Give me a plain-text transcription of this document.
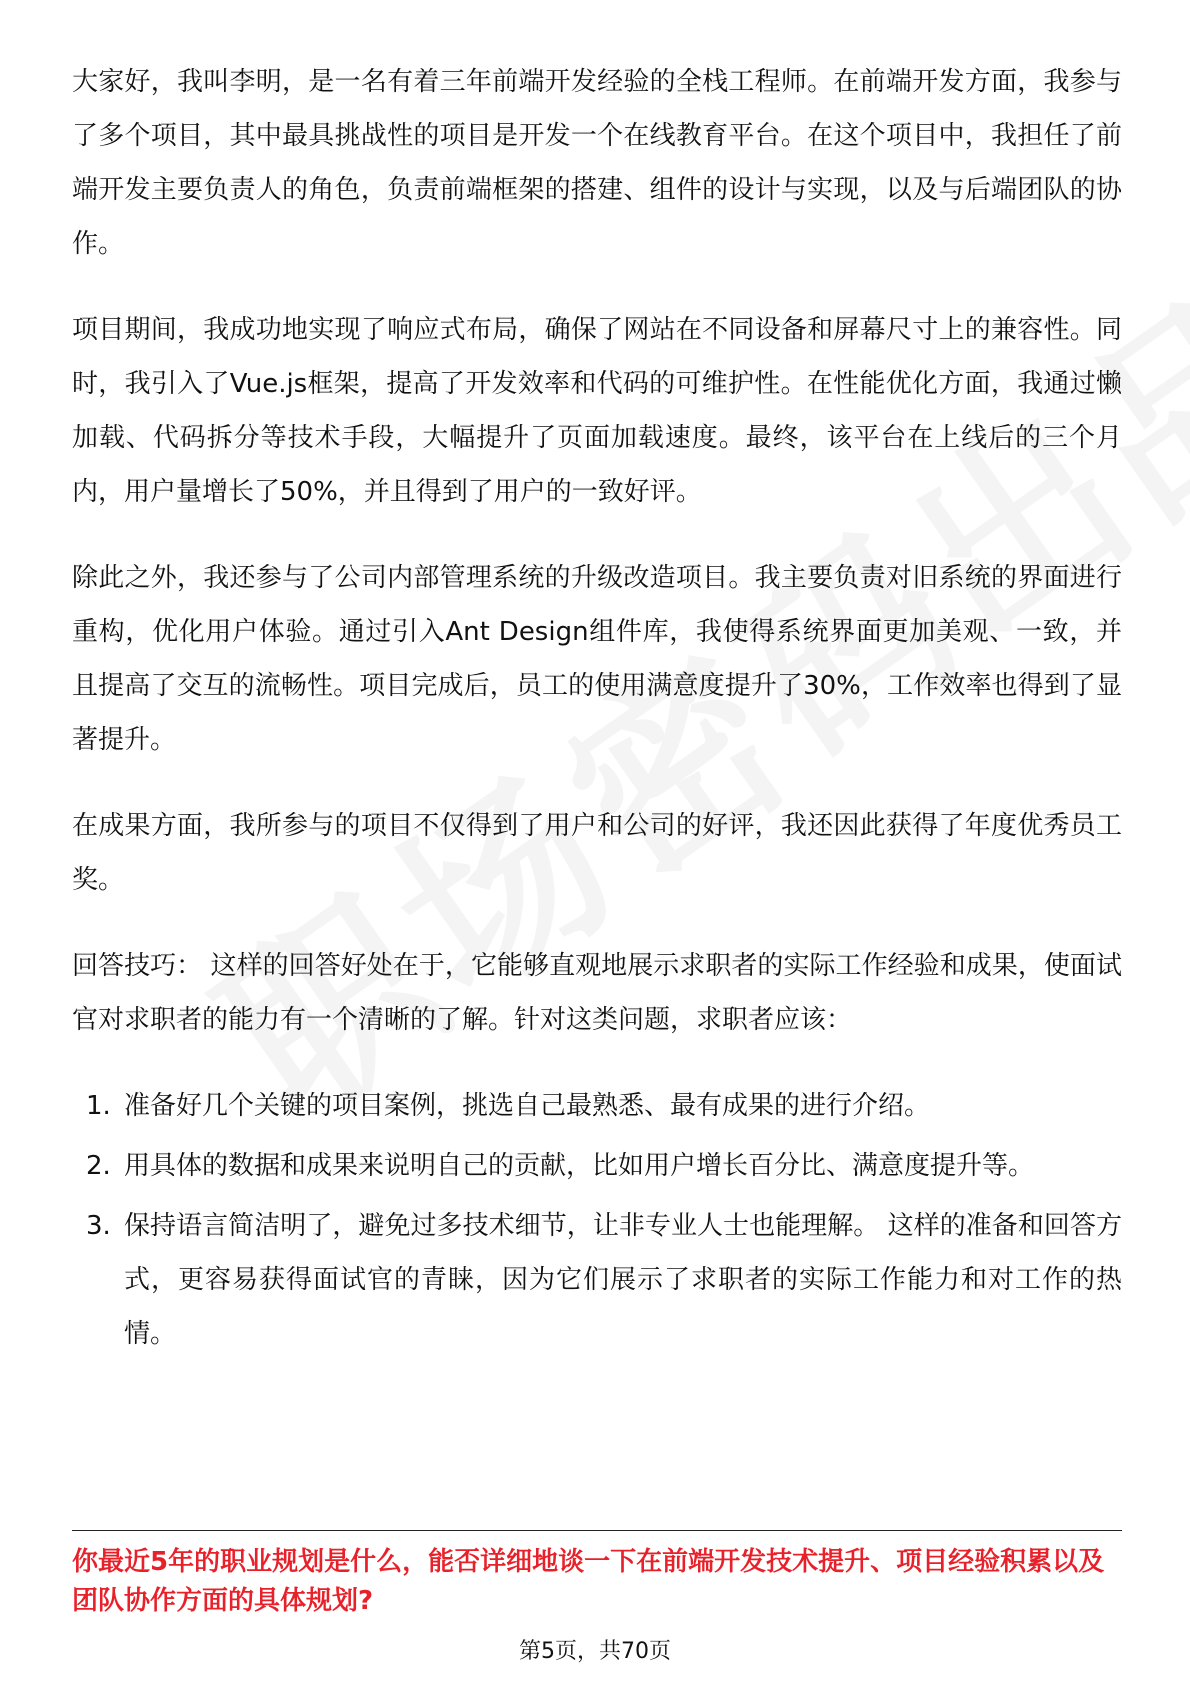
大家好，我叫李明，是一名有着三年前端开发经验的全栈工程师。在前端开发方面，我参与了多个项目，其中最具挑战性的项目是开发一个在线教育平台。在这个项目中，我担任了前端开发主要负责人的角色，负责前端框架的搭建、组件的设计与实现，以及与后端团队的协作。

项目期间，我成功地实现了响应式布局，确保了网站在不同设备和屏幕尺寸上的兼容性。同时，我引入了Vue.js框架，提高了开发效率和代码的可维护性。在性能优化方面，我通过懒加载、代码拆分等技术手段，大幅提升了页面加载速度。最终，该平台在上线后的三个月内，用户量增长了50%，并且得到了用户的一致好评。

除此之外，我还参与了公司内部管理系统的升级改造项目。我主要负责对旧系统的界面进行重构，优化用户体验。通过引入Ant Design组件库，我使得系统界面更加美观、一致，并且提高了交互的流畅性。项目完成后，员工的使用满意度提升了30%，工作效率也得到了显著提升。

在成果方面，我所参与的项目不仅得到了用户和公司的好评，我还因此获得了年度优秀员工奖。

回答技巧： 这样的回答好处在于，它能够直观地展示求职者的实际工作经验和成果，使面试官对求职者的能力有一个清晰的了解。针对这类问题，求职者应该：

1. 准备好几个关键的项目案例，挑选自己最熟悉、最有成果的进行介绍。
2. 用具体的数据和成果来说明自己的贡献，比如用户增长百分比、满意度提升等。
3. 保持语言简洁明了，避免过多技术细节，让非专业人士也能理解。 这样的准备和回答方式，更容易获得面试官的青睐，因为它们展示了求职者的实际工作能力和对工作的热情。

你最近5年的职业规划是什么，能否详细地谈一下在前端开发技术提升、项目经验积累以及团队协作方面的具体规划?

第5页，共70页
